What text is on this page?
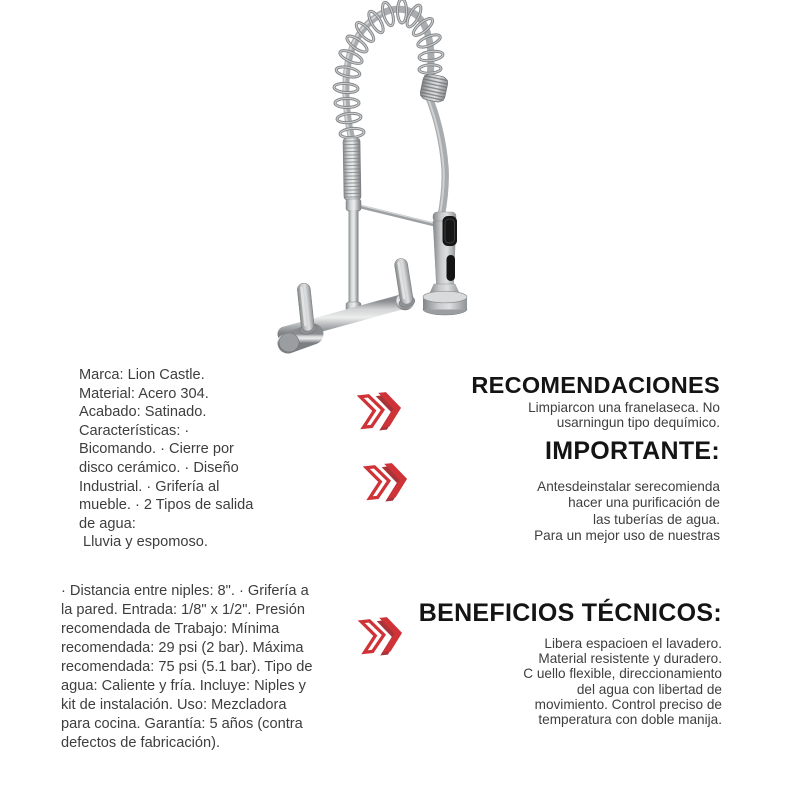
Marca: Lion Castle.
Material: Acero 304.
Acabado: Satinado.
Características: ·
Bicomando. · Cierre por
disco cerámico. · Diseño
Industrial. · Grifería al
mueble. · 2 Tipos de salida
de agua:
Lluvia y espomoso.
· Distancia entre niples: 8". · Grifería a
la pared. Entrada: 1/8" x 1/2". Presión
recomendada de Trabajo: Mínima
recomendada: 29 psi (2 bar). Máxima
recomendada: 75 psi (5.1 bar). Tipo de
agua: Caliente y fría. Incluye: Niples y
kit de instalación. Uso: Mezcladora
para cocina. Garantía: 5 años (contra
defectos de fabricación).
RECOMENDACIONES
Limpiarcon una franelaseca. No
usarningun tipo dequímico.
IMPORTANTE:
Antesdeinstalar serecomienda
hacer una purificación de
las tuberías de agua.
Para un mejor uso de nuestras
BENEFICIOS TÉCNICOS:
Libera espacioen el lavadero.
Material resistente y duradero.
C uello flexible, direccionamiento
del agua con libertad de
movimiento. Control preciso de
temperatura con doble manija.
